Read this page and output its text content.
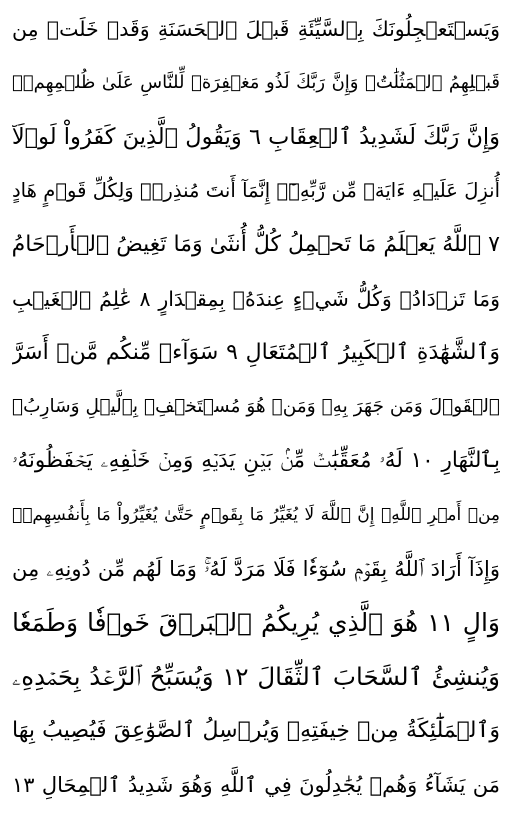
وَيَسۡتَعۡجِلُونَكَ بِٱلسَّيِّئَةِ قَبۡلَ ٱلۡحَسَنَةِ وَقَدۡ خَلَتۡ مِن
قَبۡلِهِمُ ٱلۡمَثُلَٰتُۗ وَإِنَّ رَبَّكَ لَذُو مَغۡفِرَةٖ لِّلنَّاسِ عَلَىٰ ظُلۡمِهِمۡۖ
وَإِنَّ رَبَّكَ لَشَدِيدُ ٱلۡعِقَابِ ٦ وَيَقُولُ ٱلَّذِينَ كَفَرُواْ لَوۡلَآ
أُنزِلَ عَلَيۡهِ ءَايَةٞ مِّن رَّبِّهِۦٓۗ إِنَّمَآ أَنتَ مُنذِرٞۖ وَلِكُلِّ قَوۡمٍ هَادٍ
٧ ٱللَّهُ يَعۡلَمُ مَا تَحۡمِلُ كُلُّ أُنثَىٰ وَمَا تَغِيضُ ٱلۡأَرۡحَامُ
وَمَا تَزۡدَادُۖ وَكُلُّ شَيۡءٍ عِندَهُۥ بِمِقۡدَارٍ ٨ عَٰلِمُ ٱلۡغَيۡبِ
وَٱلشَّهَٰدَةِ ٱلۡكَبِيرُ ٱلۡمُتَعَالِ ٩ سَوَآءٞ مِّنكُم مَّنۡ أَسَرَّ
ٱلۡقَوۡلَ وَمَن جَهَرَ بِهِۦ وَمَنۡ هُوَ مُسۡتَخۡفِۭ بِٱلَّيۡلِ وَسَارِبُۢ
بِٱلنَّهَارِ ١٠ لَهُۥ مُعَقِّبَٰتٞ مِّنۢ بَيۡنِ يَدَيۡهِ وَمِنۡ خَلۡفِهِۦ يَحۡفَظُونَهُۥ
مِنۡ أَمۡرِ ٱللَّهِۗ إِنَّ ٱللَّهَ لَا يُغَيِّرُ مَا بِقَوۡمٍ حَتَّىٰ يُغَيِّرُواْ مَا بِأَنفُسِهِمۡۗ
وَإِذَآ أَرَادَ ٱللَّهُ بِقَوۡمٖ سُوٓءٗا فَلَا مَرَدَّ لَهُۥۚ وَمَا لَهُم مِّن دُونِهِۦ مِن
وَالٍ ١١ هُوَ ٱلَّذِي يُرِيكُمُ ٱلۡبَرۡقَ خَوۡفٗا وَطَمَعٗا
وَيُنشِئُ ٱلسَّحَابَ ٱلثِّقَالَ ١٢ وَيُسَبِّحُ ٱلرَّعۡدُ بِحَمۡدِهِۦ
وَٱلۡمَلَٰٓئِكَةُ مِنۡ خِيفَتِهِۦ وَيُرۡسِلُ ٱلصَّوَٰعِقَ فَيُصِيبُ بِهَا
مَن يَشَآءُ وَهُمۡ يُجَٰدِلُونَ فِي ٱللَّهِ وَهُوَ شَدِيدُ ٱلۡمِحَالِ ١٣
